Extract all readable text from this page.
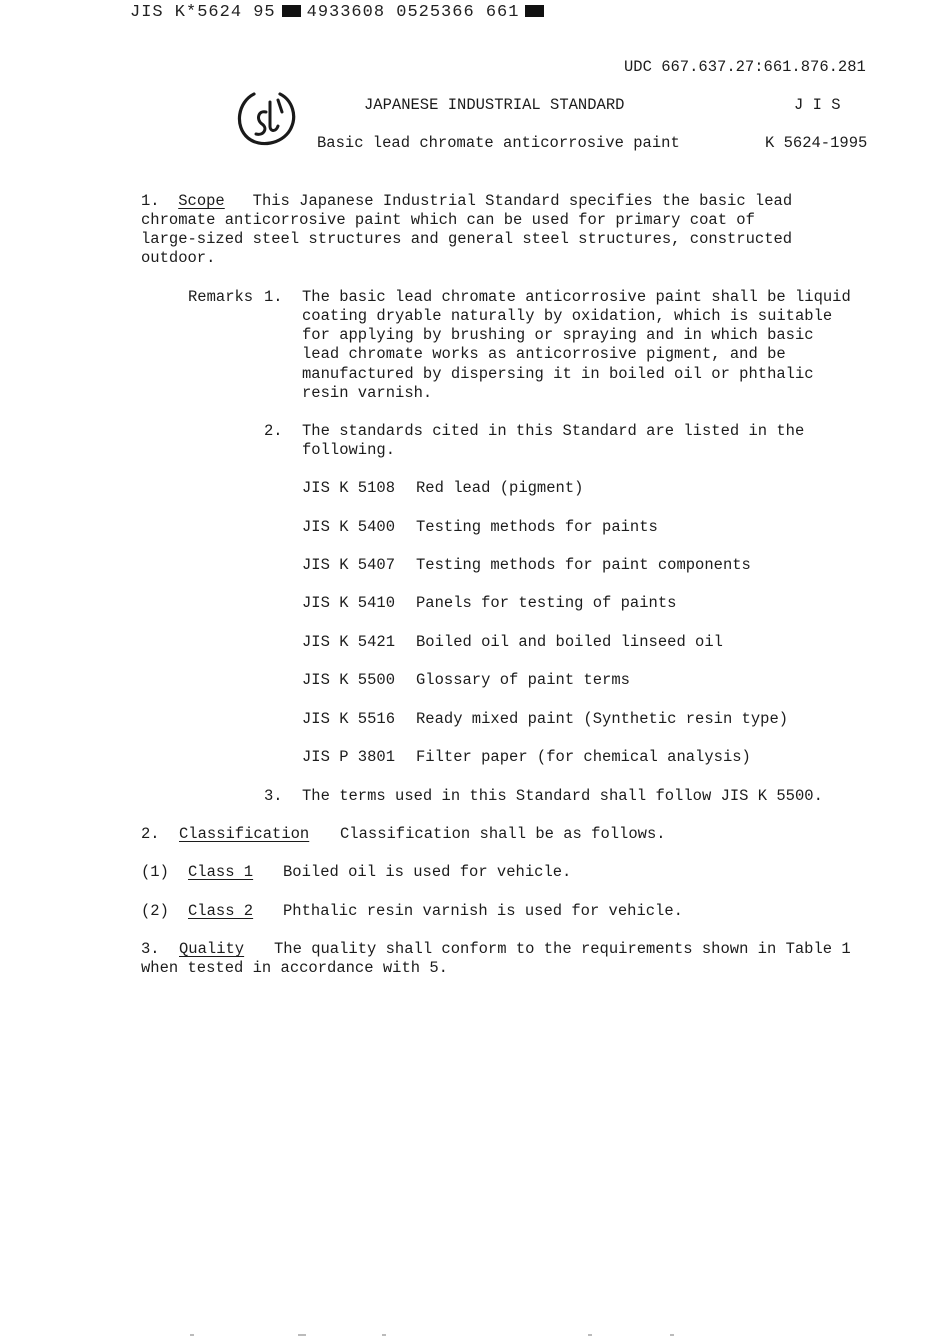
JIS K*5624 95 4933608 0525366 661
UDC 667.637.27:661.876.281
JAPANESE INDUSTRIAL STANDARD	J I S
Basic lead chromate anticorrosive paint	K 5624-1995
1. Scope This Japanese Industrial Standard specifies the basic lead
chromate anticorrosive paint which can be used for primary coat of
large-sized steel structures and general steel structures, constructed
outdoor.
Remarks 1. The basic lead chromate anticorrosive paint shall be liquid
coating dryable naturally by oxidation, which is suitable
for applying by brushing or spraying and in which basic
lead chromate works as anticorrosive pigment, and be
manufactured by dispersing it in boiled oil or phthalic
resin varnish.
2. The standards cited in this Standard are listed in the
following.
JIS K 5108 Red lead (pigment)
JIS K 5400 Testing methods for paints
JIS K 5407 Testing methods for paint components
JIS K 5410 Panels for testing of paints
JIS K 5421 Boiled oil and boiled linseed oil
JIS K 5500 Glossary of paint terms
JIS K 5516 Ready mixed paint (Synthetic resin type)
JIS P 3801 Filter paper (for chemical analysis)
3. The terms used in this Standard shall follow JIS K 5500.
2. Classification Classification shall be as follows.
(1) Class 1 Boiled oil is used for vehicle.
(2) Class 2 Phthalic resin varnish is used for vehicle.
3. Quality The quality shall conform to the requirements shown in Table 1
when tested in accordance with 5.
